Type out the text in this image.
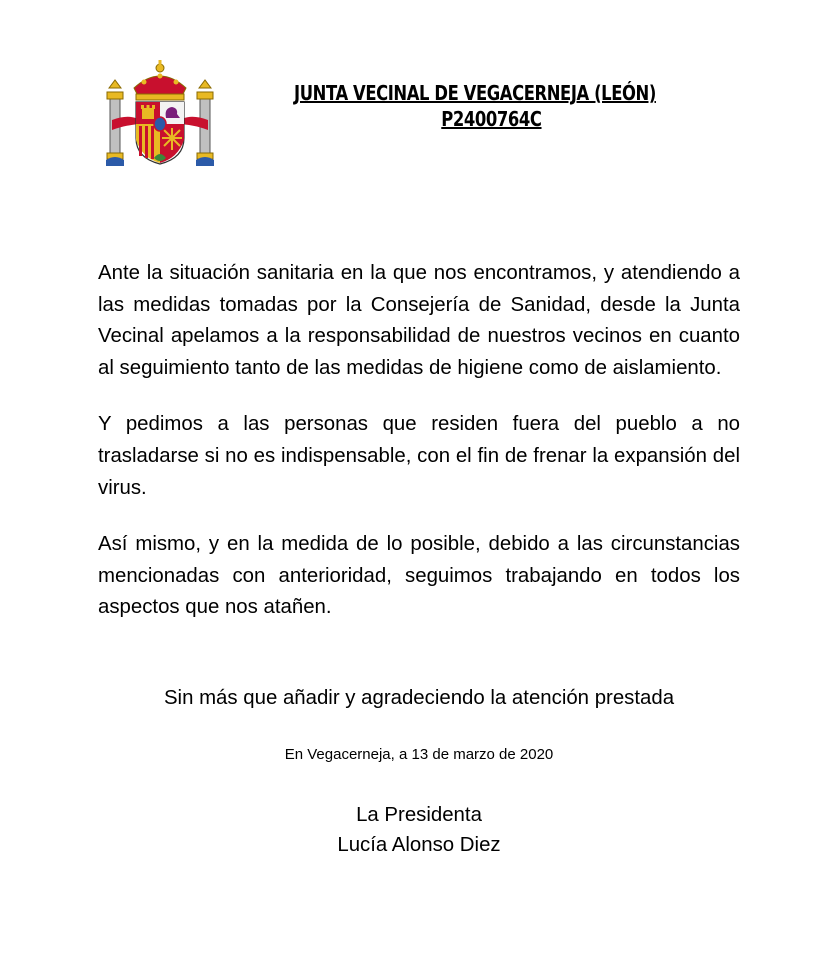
JUNTA VECINAL DE VEGACERNEJA (LEÓN)
P2400764C

Ante la situación sanitaria en la que nos encontramos, y atendiendo a las medidas tomadas por la Consejería de Sanidad, desde la Junta Vecinal apelamos a la responsabilidad de nuestros vecinos en cuanto al seguimiento tanto de las medidas de higiene como de aislamiento.

Y pedimos a las personas que residen fuera del pueblo a no trasladarse si no es indispensable, con el fin de frenar la expansión del virus.

Así mismo, y en la medida de lo posible, debido a las circunstancias mencionadas con anterioridad, seguimos trabajando en todos los aspectos que nos atañen.

Sin más que añadir y agradeciendo la atención prestada
En Vegacerneja, a 13 de marzo de 2020
La Presidenta
Lucía Alonso Diez
